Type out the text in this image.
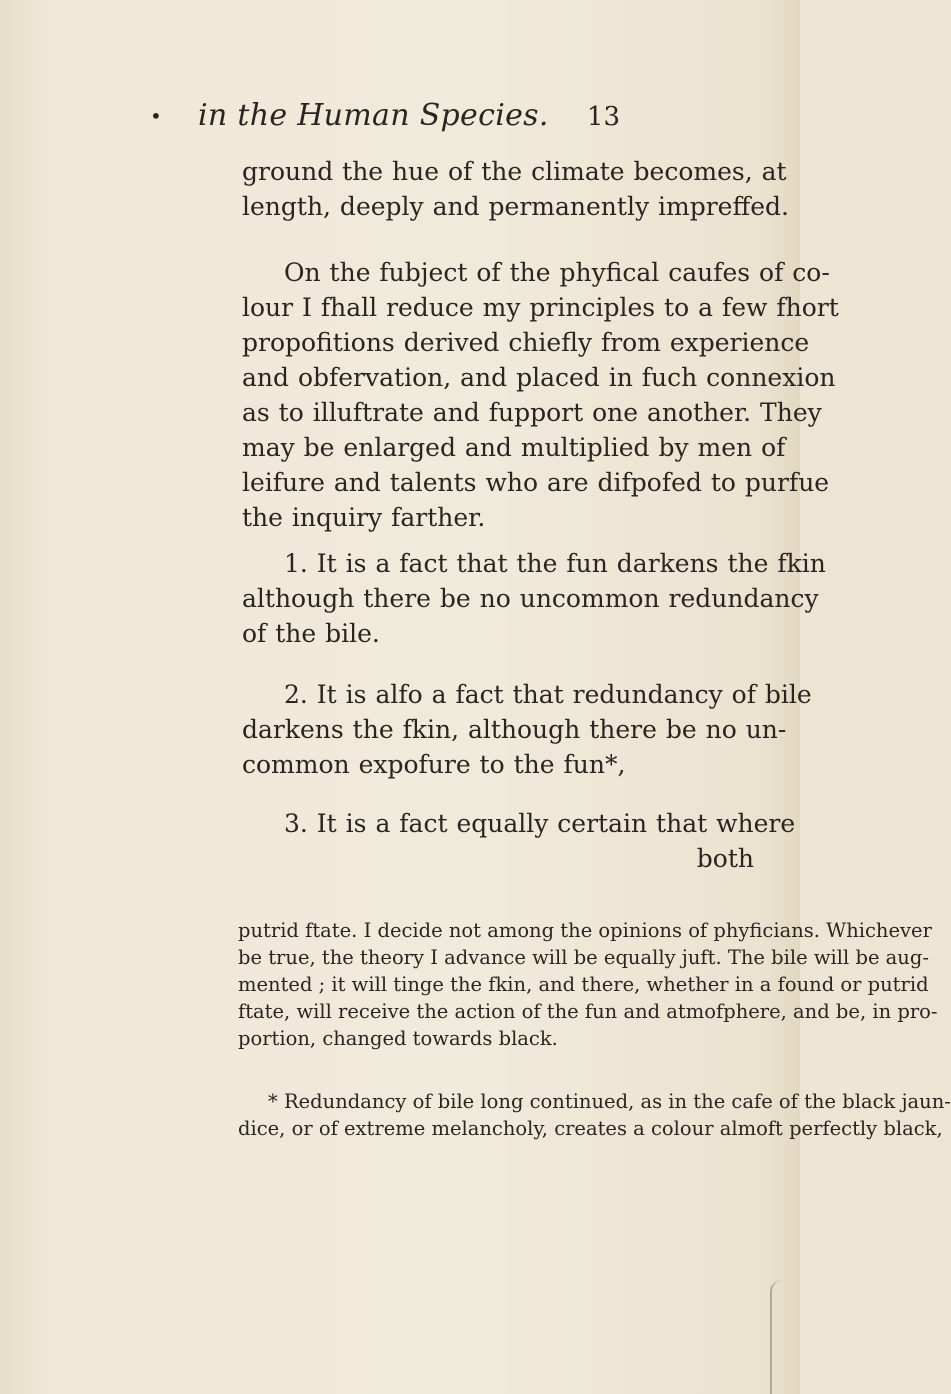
• in the Human Species. 13
ground the hue of the climate becomes, at
length, deeply and permanently impreffed.
On the fubject of the phyfical caufes of co-
lour I fhall reduce my principles to a few fhort
propofitions derived chiefly from experience
and obfervation, and placed in fuch connexion
as to illuftrate and fupport one another. They
may be enlarged and multiplied by men of
leifure and talents who are difpofed to purfue
the inquiry farther.
1. It is a fact that the fun darkens the fkin
although there be no uncommon redundancy
of the bile.
2. It is alfo a fact that redundancy of bile
darkens the fkin, although there be no un-
common expofure to the fun*,
3. It is a fact equally certain that where
both
putrid ftate. I decide not among the opinions of phyficians. Whichever
be true, the theory I advance will be equally juft. The bile will be aug-
mented ; it will tinge the fkin, and there, whether in a found or putrid
ftate, will receive the action of the fun and atmofphere, and be, in pro-
portion, changed towards black.
* Redundancy of bile long continued, as in the cafe of the black jaun-
dice, or of extreme melancholy, creates a colour almoft perfectly black,
